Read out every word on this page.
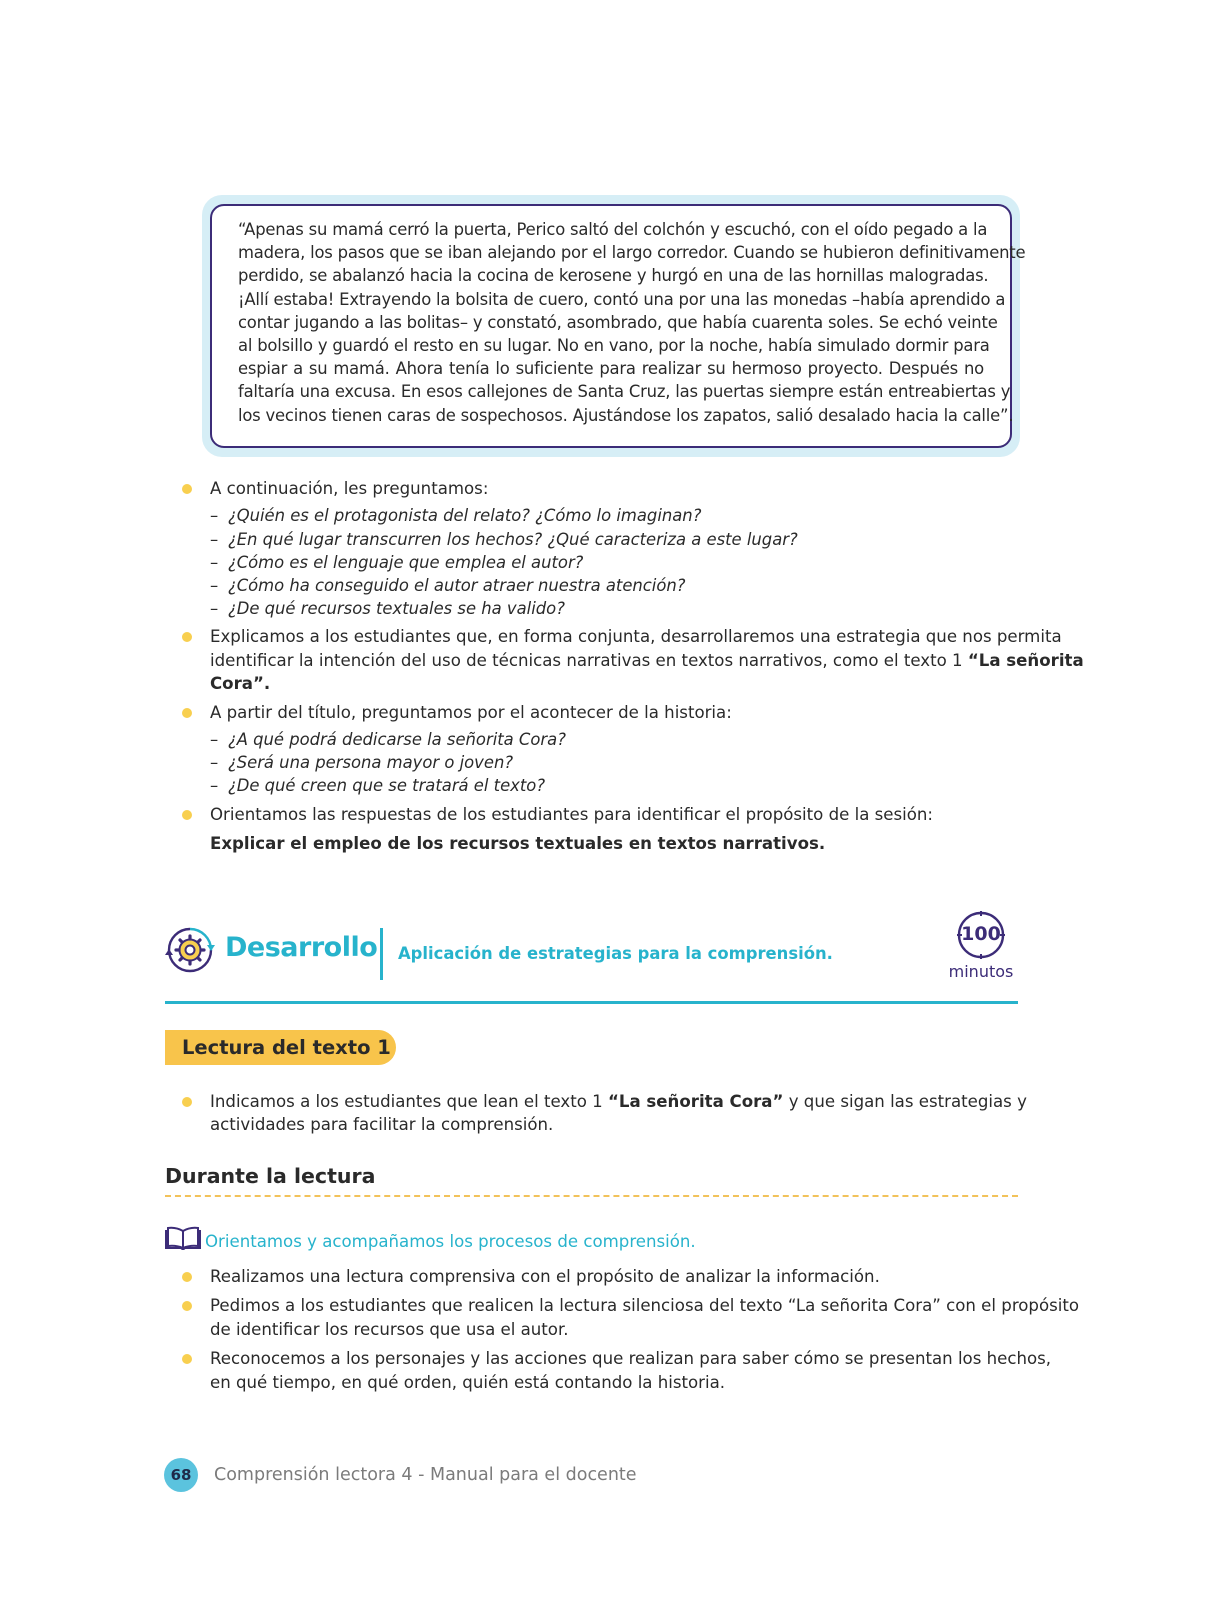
“Apenas su mamá cerró la puerta, Perico saltó del colchón y escuchó, con el oído pegado a la
madera, los pasos que se iban alejando por el largo corredor. Cuando se hubieron definitivamente
perdido, se abalanzó hacia la cocina de kerosene y hurgó en una de las hornillas malogradas.
¡Allí estaba! Extrayendo la bolsita de cuero, contó una por una las monedas –había aprendido a
contar jugando a las bolitas– y constató, asombrado, que había cuarenta soles. Se echó veinte
al bolsillo y guardó el resto en su lugar. No en vano, por la noche, había simulado dormir para
espiar a su mamá. Ahora tenía lo suficiente para realizar su hermoso proyecto. Después no
faltaría una excusa. En esos callejones de Santa Cruz, las puertas siempre están entreabiertas y
los vecinos tienen caras de sospechosos. Ajustándose los zapatos, salió desalado hacia la calle”.
A continuación, les preguntamos:
– ¿Quién es el protagonista del relato? ¿Cómo lo imaginan?
– ¿En qué lugar transcurren los hechos? ¿Qué caracteriza a este lugar?
– ¿Cómo es el lenguaje que emplea el autor?
– ¿Cómo ha conseguido el autor atraer nuestra atención?
– ¿De qué recursos textuales se ha valido?
Explicamos a los estudiantes que, en forma conjunta, desarrollaremos una estrategia que nos permita
identificar la intención del uso de técnicas narrativas en textos narrativos, como el texto 1 “La señorita
Cora”.
A partir del título, preguntamos por el acontecer de la historia:
– ¿A qué podrá dedicarse la señorita Cora?
– ¿Será una persona mayor o joven?
– ¿De qué creen que se tratará el texto?
Orientamos las respuestas de los estudiantes para identificar el propósito de la sesión:
Explicar el empleo de los recursos textuales en textos narrativos.
Desarrollo Aplicación de estrategias para la comprensión.
100
minutos
Lectura del texto 1
Indicamos a los estudiantes que lean el texto 1 “La señorita Cora” y que sigan las estrategias y
actividades para facilitar la comprensión.
Durante la lectura
Orientamos y acompañamos los procesos de comprensión.
Realizamos una lectura comprensiva con el propósito de analizar la información.
Pedimos a los estudiantes que realicen la lectura silenciosa del texto “La señorita Cora” con el propósito
de identificar los recursos que usa el autor.
Reconocemos a los personajes y las acciones que realizan para saber cómo se presentan los hechos,
en qué tiempo, en qué orden, quién está contando la historia.
68	Comprensión lectora 4 - Manual para el docente
